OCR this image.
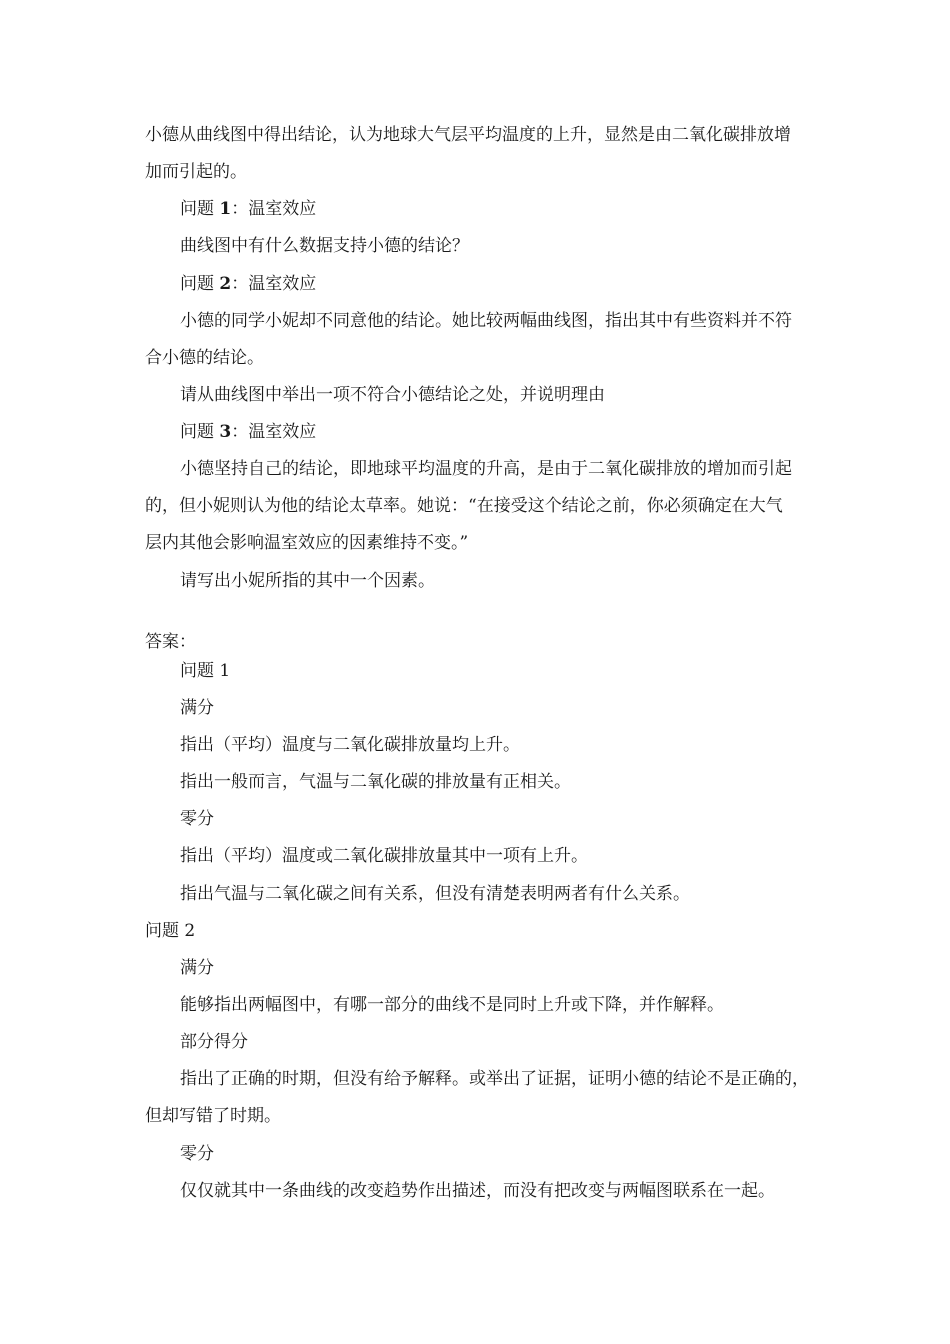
小德从曲线图中得出结论，认为地球大气层平均温度的上升，显然是由二氧化碳排放增
加而引起的。
问题 1：温室效应
曲线图中有什么数据支持小德的结论？
问题 2：温室效应
小德的同学小妮却不同意他的结论。她比较两幅曲线图，指出其中有些资料并不符
合小德的结论。
请从曲线图中举出一项不符合小德结论之处，并说明理由
问题 3：温室效应
小德坚持自己的结论，即地球平均温度的升高，是由于二氧化碳排放的增加而引起
的，但小妮则认为他的结论太草率。她说：“在接受这个结论之前，你必须确定在大气
层内其他会影响温室效应的因素维持不变。”
请写出小妮所指的其中一个因素。
答案：
问题 1
满分
指出（平均）温度与二氧化碳排放量均上升。
指出一般而言，气温与二氧化碳的排放量有正相关。
零分
指出（平均）温度或二氧化碳排放量其中一项有上升。
指出气温与二氧化碳之间有关系，但没有清楚表明两者有什么关系。
问题 2
满分
能够指出两幅图中，有哪一部分的曲线不是同时上升或下降，并作解释。
部分得分
指出了正确的时期，但没有给予解释。或举出了证据，证明小德的结论不是正确的，
但却写错了时期。
零分
仅仅就其中一条曲线的改变趋势作出描述，而没有把改变与两幅图联系在一起。
